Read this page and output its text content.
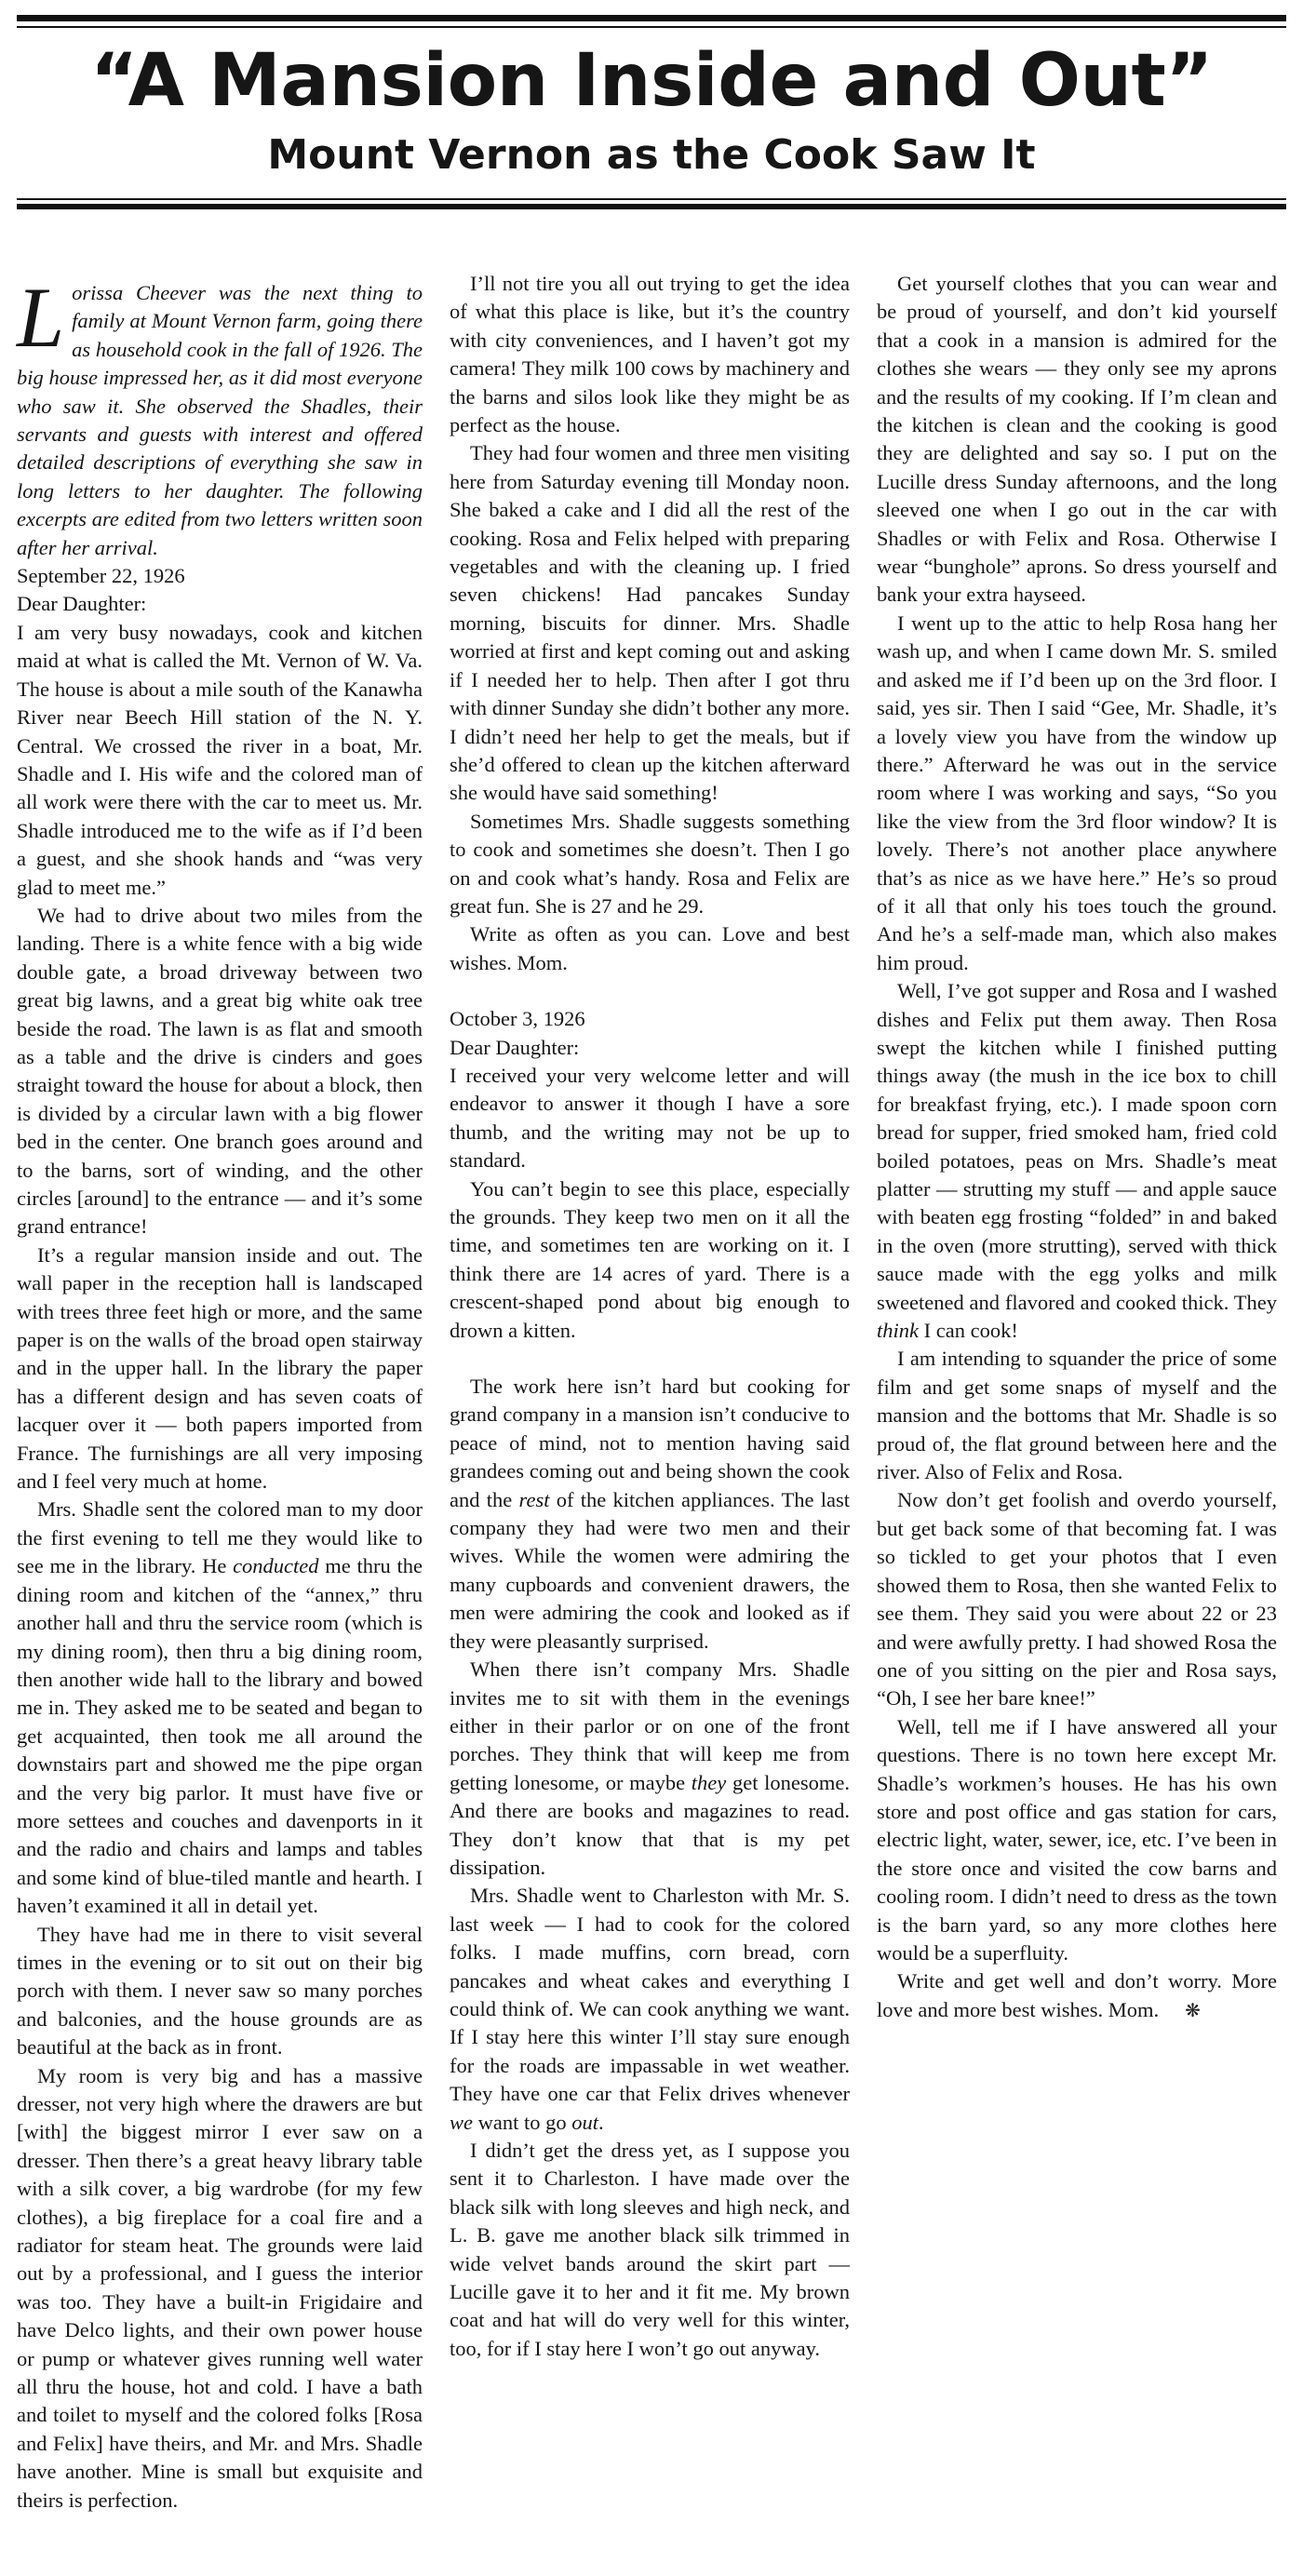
“A Mansion Inside and Out”
Mount Vernon as the Cook Saw It

Lorissa Cheever was the next thing to family at Mount Vernon farm, going there as household cook in the fall of 1926. The big house impressed her, as it did most everyone who saw it. She observed the Shadles, their servants and guests with interest and offered detailed descriptions of everything she saw in long letters to her daughter. The following excerpts are edited from two letters written soon after her arrival.

September 22, 1926

Dear Daughter:

I am very busy nowadays, cook and kitchen maid at what is called the Mt. Vernon of W. Va. The house is about a mile south of the Kanawha River near Beech Hill station of the N. Y. Central. We crossed the river in a boat, Mr. Shadle and I. His wife and the colored man of all work were there with the car to meet us. Mr. Shadle introduced me to the wife as if I’d been a guest, and she shook hands and “was very glad to meet me.”

We had to drive about two miles from the landing. There is a white fence with a big wide double gate, a broad driveway between two great big lawns, and a great big white oak tree beside the road. The lawn is as flat and smooth as a table and the drive is cinders and goes straight toward the house for about a block, then is divided by a circular lawn with a big flower bed in the center. One branch goes around and to the barns, sort of winding, and the other circles [around] to the entrance — and it’s some grand entrance!

It’s a regular mansion inside and out. The wall paper in the reception hall is landscaped with trees three feet high or more, and the same paper is on the walls of the broad open stairway and in the upper hall. In the library the paper has a different design and has seven coats of lacquer over it — both papers imported from France. The furnishings are all very imposing and I feel very much at home.

Mrs. Shadle sent the colored man to my door the first evening to tell me they would like to see me in the library. He conducted me thru the dining room and kitchen of the “annex,” thru another hall and thru the service room (which is my dining room), then thru a big dining room, then another wide hall to the library and bowed me in. They asked me to be seated and began to get acquainted, then took me all around the downstairs part and showed me the pipe organ and the very big parlor. It must have five or more settees and couches and davenports in it and the radio and chairs and lamps and tables and some kind of blue-tiled mantle and hearth. I haven’t examined it all in detail yet.

They have had me in there to visit several times in the evening or to sit out on their big porch with them. I never saw so many porches and balconies, and the house grounds are as beautiful at the back as in front.

My room is very big and has a massive dresser, not very high where the drawers are but [with] the biggest mirror I ever saw on a dresser. Then there’s a great heavy library table with a silk cover, a big wardrobe (for my few clothes), a big fireplace for a coal fire and a radiator for steam heat. The grounds were laid out by a professional, and I guess the interior was too. They have a built-in Frigidaire and have Delco lights, and their own power house or pump or whatever gives running well water all thru the house, hot and cold. I have a bath and toilet to myself and the colored folks [Rosa and Felix] have theirs, and Mr. and Mrs. Shadle have another. Mine is small but exquisite and theirs is perfection.

I’ll not tire you all out trying to get the idea of what this place is like, but it’s the country with city conveniences, and I haven’t got my camera! They milk 100 cows by machinery and the barns and silos look like they might be as perfect as the house.

They had four women and three men visiting here from Saturday evening till Monday noon. She baked a cake and I did all the rest of the cooking. Rosa and Felix helped with preparing vegetables and with the cleaning up. I fried seven chickens! Had pancakes Sunday morning, biscuits for dinner. Mrs. Shadle worried at first and kept coming out and asking if I needed her to help. Then after I got thru with dinner Sunday she didn’t bother any more. I didn’t need her help to get the meals, but if she’d offered to clean up the kitchen afterward she would have said something!

Sometimes Mrs. Shadle suggests something to cook and sometimes she doesn’t. Then I go on and cook what’s handy. Rosa and Felix are great fun. She is 27 and he 29.

Write as often as you can. Love and best wishes. Mom.

October 3, 1926

Dear Daughter:

I received your very welcome letter and will endeavor to answer it though I have a sore thumb, and the writing may not be up to standard.

You can’t begin to see this place, especially the grounds. They keep two men on it all the time, and sometimes ten are working on it. I think there are 14 acres of yard. There is a crescent-shaped pond about big enough to drown a kitten.

The work here isn’t hard but cooking for grand company in a mansion isn’t conducive to peace of mind, not to mention having said grandees coming out and being shown the cook and the rest of the kitchen appliances. The last company they had were two men and their wives. While the women were admiring the many cupboards and convenient drawers, the men were admiring the cook and looked as if they were pleasantly surprised.

When there isn’t company Mrs. Shadle invites me to sit with them in the evenings either in their parlor or on one of the front porches. They think that will keep me from getting lonesome, or maybe they get lonesome. And there are books and magazines to read. They don’t know that that is my pet dissipation.

Mrs. Shadle went to Charleston with Mr. S. last week — I had to cook for the colored folks. I made muffins, corn bread, corn pancakes and wheat cakes and everything I could think of. We can cook anything we want. If I stay here this winter I’ll stay sure enough for the roads are impassable in wet weather. They have one car that Felix drives whenever we want to go out.

I didn’t get the dress yet, as I suppose you sent it to Charleston. I have made over the black silk with long sleeves and high neck, and L. B. gave me another black silk trimmed in wide velvet bands around the skirt part — Lucille gave it to her and it fit me. My brown coat and hat will do very well for this winter, too, for if I stay here I won’t go out anyway.

Get yourself clothes that you can wear and be proud of yourself, and don’t kid yourself that a cook in a mansion is admired for the clothes she wears — they only see my aprons and the results of my cooking. If I’m clean and the kitchen is clean and the cooking is good they are delighted and say so. I put on the Lucille dress Sunday afternoons, and the long sleeved one when I go out in the car with Shadles or with Felix and Rosa. Otherwise I wear “bunghole” aprons. So dress yourself and bank your extra hayseed.

I went up to the attic to help Rosa hang her wash up, and when I came down Mr. S. smiled and asked me if I’d been up on the 3rd floor. I said, yes sir. Then I said “Gee, Mr. Shadle, it’s a lovely view you have from the window up there.” Afterward he was out in the service room where I was working and says, “So you like the view from the 3rd floor window? It is lovely. There’s not another place anywhere that’s as nice as we have here.” He’s so proud of it all that only his toes touch the ground. And he’s a self-made man, which also makes him proud.

Well, I’ve got supper and Rosa and I washed dishes and Felix put them away. Then Rosa swept the kitchen while I finished putting things away (the mush in the ice box to chill for breakfast frying, etc.). I made spoon corn bread for supper, fried smoked ham, fried cold boiled potatoes, peas on Mrs. Shadle’s meat platter — strutting my stuff — and apple sauce with beaten egg frosting “folded” in and baked in the oven (more strutting), served with thick sauce made with the egg yolks and milk sweetened and flavored and cooked thick. They think I can cook!

I am intending to squander the price of some film and get some snaps of myself and the mansion and the bottoms that Mr. Shadle is so proud of, the flat ground between here and the river. Also of Felix and Rosa.

Now don’t get foolish and overdo yourself, but get back some of that becoming fat. I was so tickled to get your photos that I even showed them to Rosa, then she wanted Felix to see them. They said you were about 22 or 23 and were awfully pretty. I had showed Rosa the one of you sitting on the pier and Rosa says, “Oh, I see her bare knee!”

Well, tell me if I have answered all your questions. There is no town here except Mr. Shadle’s workmen’s houses. He has his own store and post office and gas station for cars, electric light, water, sewer, ice, etc. I’ve been in the store once and visited the cow barns and cooling room. I didn’t need to dress as the town is the barn yard, so any more clothes here would be a superfluity.

Write and get well and don’t worry. More love and more best wishes. Mom. ❋
